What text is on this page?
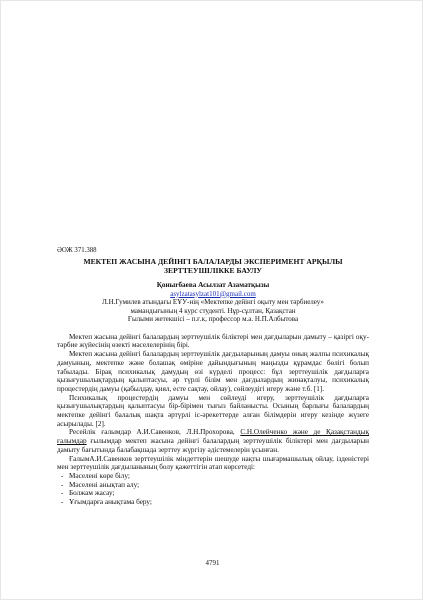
ӘОЖ 371.388
МЕКТЕП ЖАСЫНА ДЕЙІНГІ БАЛАЛАРДЫ ЭКСПЕРИМЕНТ АРҚЫЛЫ
ЗЕРТТЕУШІЛІККЕ БАУЛУ
Қоныrбаева Асылзат Азаматқызы
asylzatasylzat101@gmail.com
Л.Н.Гумилев атындағы ЕҰУ-нің «Мектепке дейінгі оқыту мен тәрбиелеу»
мамандығының 4 курс студенті. Нұр-сұлтан, Қазақстан
Ғылыми жетекшісі – п.ғ.к, профессор м.а. Н.П.Албытова

Мектеп жасына дейінгі балалардың зерттеушілік біліктері мен дағдыларын дамыту – қазіргі оқу- тәрбие жүйесінің өзекті мәселелерінің бірі.

Мектеп жасына дейінгі балалардың зерттеушілік дағдыларының дамуы оның жалпы психикалық дамуының, мектепке және болашақ өміріне дайындығының маңызды құрамдас бөлігі болып табылады. Бірақ психикалық дамудың өзі күрделі процесс: бұл зерттеушілік дағдыларға қызығушылықтардың қалыптасуы, әр түрлі білім мен дағдылардың жинақталуы, психикалық процестердің дамуы (қабылдау, қиял, есте сақтау, ойлау), сөйлеудігі игеру және т.б. [1].

Психикалық процестердің дамуы мен сөйлеуді игеру, зерттеушілік дағдыларға қызығушылықтардың қалыптасуы бір-бірімен тығыз байланысты. Осының барлығы балалардың мектепке дейінгі балалық шақта әртүрлі іс-әрекеттерде алған білімдерін игеру кезінде жүзеге асырылады. [2].

Ресейлік ғалымдар А.И.Савенков, Л.Н.Прохорова, С.Н.Олейченко және де Қазақстандық ғалымдар ғылымдар мектеп жасына дейінгі балалардың зерттеушілік біліктері мен дағдыларын дамыту бағытында балабақшада зерттеу жүргізу әдістемелерін ұсынған.

ҒалымА.И.Савенков зерттеушілік міндеттерін шешуде нақты шығармашылық ойлау, ізденістері мен зерттеушілік дағдыланының болу қажеттігін атап көрсетеді:

- Мәселені көре білу;
- Мәселені анықтап алу;
- Болжам жасау;
- Ұғымдарға анықтама беру;
4791
